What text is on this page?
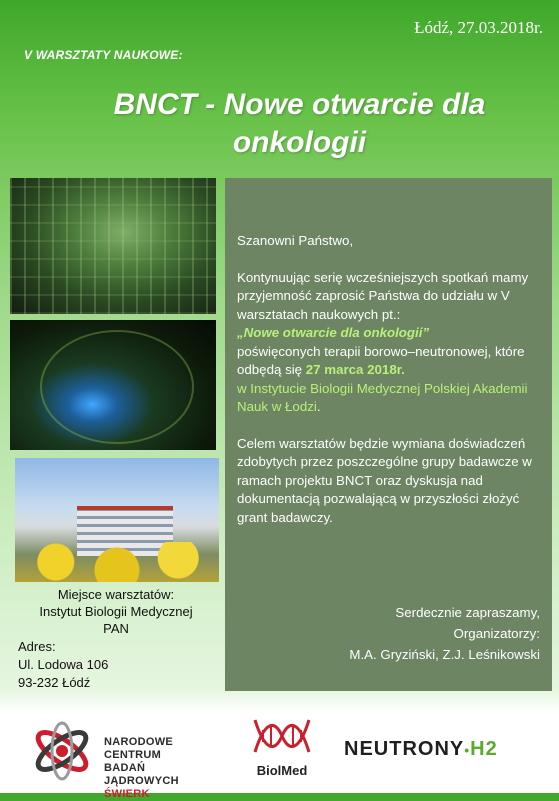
Łódź, 27.03.2018r.
V WARSZTATY NAUKOWE:
BNCT - Nowe otwarcie dla
onkologii
Miejsce warsztatów:
Instytut Biologii Medycznej
PAN
Adres:
Ul. Lodowa 106
93-232 Łódź

Szanowni Państwo,

Kontynuując serię wcześniejszych spotkań mamy przyjemność zaprosić Państwa do udziału w V warsztatach naukowych pt.:
„Nowe otwarcie dla onkologii”
poświęconych terapii borowo–neutronowej, które odbędą się 27 marca 2018r.
w Instytucie Biologii Medycznej Polskiej Akademii Nauk w Łodzi.

Celem warsztatów będzie wymiana doświadczeń zdobytych przez poszczególne grupy badawcze w ramach projektu BNCT oraz dyskusja nad dokumentacją pozwalającą w przyszłości złożyć grant badawczy.

Serdecznie zapraszamy,
Organizatorzy:
M.A. Gryziński, Z.J. Leśnikowski
NARODOWE CENTRUM
BADAŃ JĄDROWYCH
ŚWIERK
BiolMed
NEUTRONY•H2
